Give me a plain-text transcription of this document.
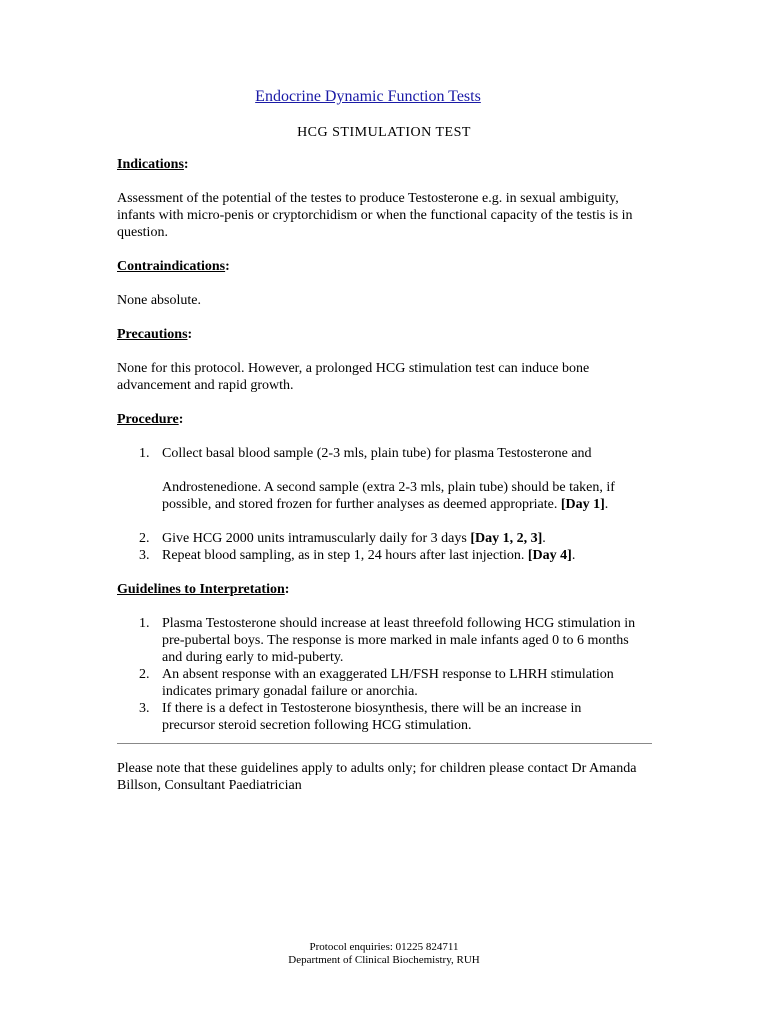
Endocrine Dynamic Function Tests
HCG STIMULATION TEST

Indications:

Assessment of the potential of the testes to produce Testosterone e.g. in sexual ambiguity, infants with micro-penis or cryptorchidism or when the functional capacity of the testis is in question.

Contraindications:

None absolute.

Precautions:

None for this protocol. However, a prolonged HCG stimulation test can induce bone advancement and rapid growth.

Procedure:

1. Collect basal blood sample (2-3 mls, plain tube) for plasma Testosterone and
Androstenedione. A second sample (extra 2-3 mls, plain tube) should be taken, if possible, and stored frozen for further analyses as deemed appropriate. [Day 1].
2. Give HCG 2000 units intramuscularly daily for 3 days [Day 1, 2, 3].
3. Repeat blood sampling, as in step 1, 24 hours after last injection. [Day 4].

Guidelines to Interpretation:

1. Plasma Testosterone should increase at least threefold following HCG stimulation in pre-pubertal boys. The response is more marked in male infants aged 0 to 6 months and during early to mid-puberty.
2. An absent response with an exaggerated LH/FSH response to LHRH stimulation indicates primary gonadal failure or anorchia.
3. If there is a defect in Testosterone biosynthesis, there will be an increase in precursor steroid secretion following HCG stimulation.

Please note that these guidelines apply to adults only; for children please contact Dr Amanda Billson, Consultant Paediatrician

Protocol enquiries: 01225 824711
Department of Clinical Biochemistry, RUH
